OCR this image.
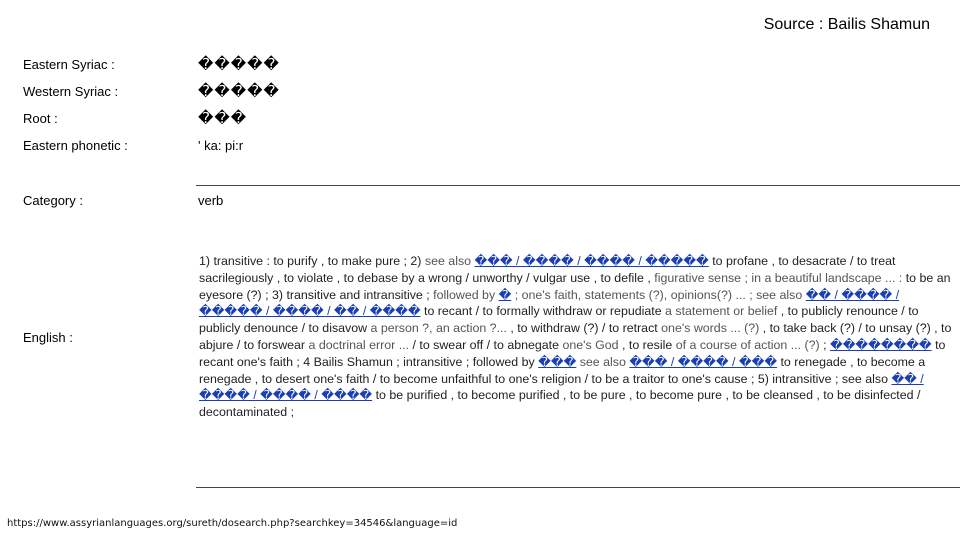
Source : Bailis Shamun
Eastern Syriac :	�����
Western Syriac :	�����
Root :	���
Eastern phonetic :	' ka: pi:r
Category :	verb
English :
1) transitive : to purify , to make pure ; 2) see also ��� / ���� / ���� / ����� to profane , to desacrate / to treat sacrilegiously , to violate , to debase by a wrong / unworthy / vulgar use , to defile , figurative sense ; in a beautiful landscape ... : to be an eyesore (?) ; 3) transitive and intransitive ; followed by � ; one's faith, statements (?), opinions(?) ... ; see also �� / ���� / ����� / ���� / �� / ���� to recant / to formally withdraw or repudiate a statement or belief , to publicly renounce / to publicly denounce / to disavow a person ?, an action ?... , to withdraw (?) / to retract one's words ... (?) , to take back (?) / to unsay (?) , to abjure / to forswear a doctrinal error ... / to swear off / to abnegate one's God , to resile of a course of action ... (?) ; �������� to recant one's faith ; 4 Bailis Shamun ; intransitive ; followed by ��� see also ��� / ���� / ��� to renegade , to become a renegade , to desert one's faith / to become unfaithful to one's religion / to be a traitor to one's cause ; 5) intransitive ; see also �� / ���� / ���� / ���� to be purified , to become purified , to be pure , to become pure , to be cleansed , to be disinfected / decontaminated ;
https://www.assyrianlanguages.org/sureth/dosearch.php?searchkey=34546&language=id
